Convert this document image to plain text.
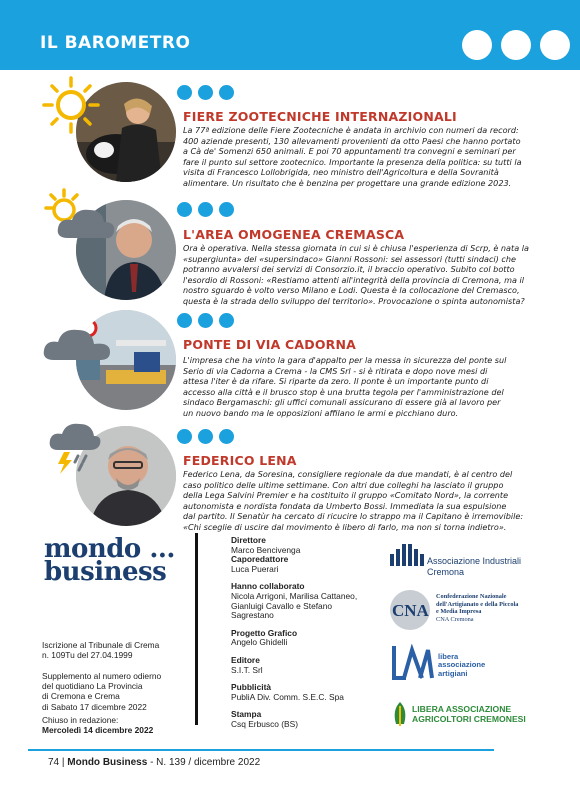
IL BAROMETRO
FIERE ZOOTECNICHE INTERNAZIONALI
La 77ª edizione delle Fiere Zootecniche è andata in archivio con numeri da record:
400 aziende presenti, 130 allevamenti provenienti da otto Paesi che hanno portato
a Cà de' Somenzi 650 animali. E poi 70 appuntamenti tra convegni e seminari per
fare il punto sul settore zootecnico. Importante la presenza della politica: su tutti la
visita di Francesco Lollobrigida, neo ministro dell'Agricoltura e della Sovranità
alimentare. Un risultato che è benzina per progettare una grande edizione 2023.
L'AREA OMOGENEA CREMASCA
Ora è operativa. Nella stessa giornata in cui si è chiusa l'esperienza di Scrp, è nata la
«supergiunta» del «supersindaco» Gianni Rossoni: sei assessori (tutti sindaci) che
potranno avvalersi dei servizi di Consorzio.it, il braccio operativo. Subito col botto
l'esordio di Rossoni: «Restiamo attenti all'integrità della provincia di Cremona, ma il
nostro sguardo è volto verso Milano e Lodi. Questa è la collocazione del Cremasco,
questa è la strada dello sviluppo del territorio». Provocazione o spinta autonomista?
PONTE DI VIA CADORNA
L'impresa che ha vinto la gara d'appalto per la messa in sicurezza del ponte sul
Serio di via Cadorna a Crema - la CMS Srl - si è ritirata e dopo nove mesi di
attesa l'iter è da rifare. Si riparte da zero. Il ponte è un importante punto di
accesso alla città e il brusco stop è una brutta tegola per l'amministrazione del
sindaco Bergamaschi: gli uffici comunali assicurano di essere già al lavoro per
un nuovo bando ma le opposizioni affilano le armi e picchiano duro.
FEDERICO LENA
Federico Lena, da Soresina, consigliere regionale da due mandati, è al centro del
caso politico delle ultime settimane. Con altri due colleghi ha lasciato il gruppo
della Lega Salvini Premier e ha costituito il gruppo «Comitato Nord», la corrente
autonomista e nordista fondata da Umberto Bossi. Immediata la sua espulsione
dal partito. Il Senatùr ha cercato di ricucire lo strappo ma il Capitano è irremovibile:
«Chi sceglie di uscire dal movimento è libero di farlo, ma non si torna indietro».
mondo ...
business
Iscrizione al Tribunale di Crema
n. 109Tu del 27.04.1999
Supplemento al numero odierno
del quotidiano La Provincia
di Cremona e Crema
di Sabato 17 dicembre 2022
Chiuso in redazione:
Mercoledì 14 dicembre 2022
Direttore
Marco Bencivenga
Caporedattore
Luca Puerari
Hanno collaborato
Nicola Arrigoni, Marilisa Cattaneo,
Gianluigi Cavallo e Stefano
Sagrestano
Progetto Grafico
Angelo Ghidelli
Editore
S.I.T. Srl
Pubblicità
PubliA Div. Comm. S.E.C. Spa
Stampa
Csq Erbusco (BS)
Associazione Industriali
Cremona
CNA
Confederazione Nazionale
dell'Artigianato e della Piccola
e Media Impresa
CNA Cremona
libera
associazione
artigiani
LIBERA ASSOCIAZIONE
AGRICOLTORI CREMONESI
74 | Mondo Business - N. 139 / dicembre 2022
